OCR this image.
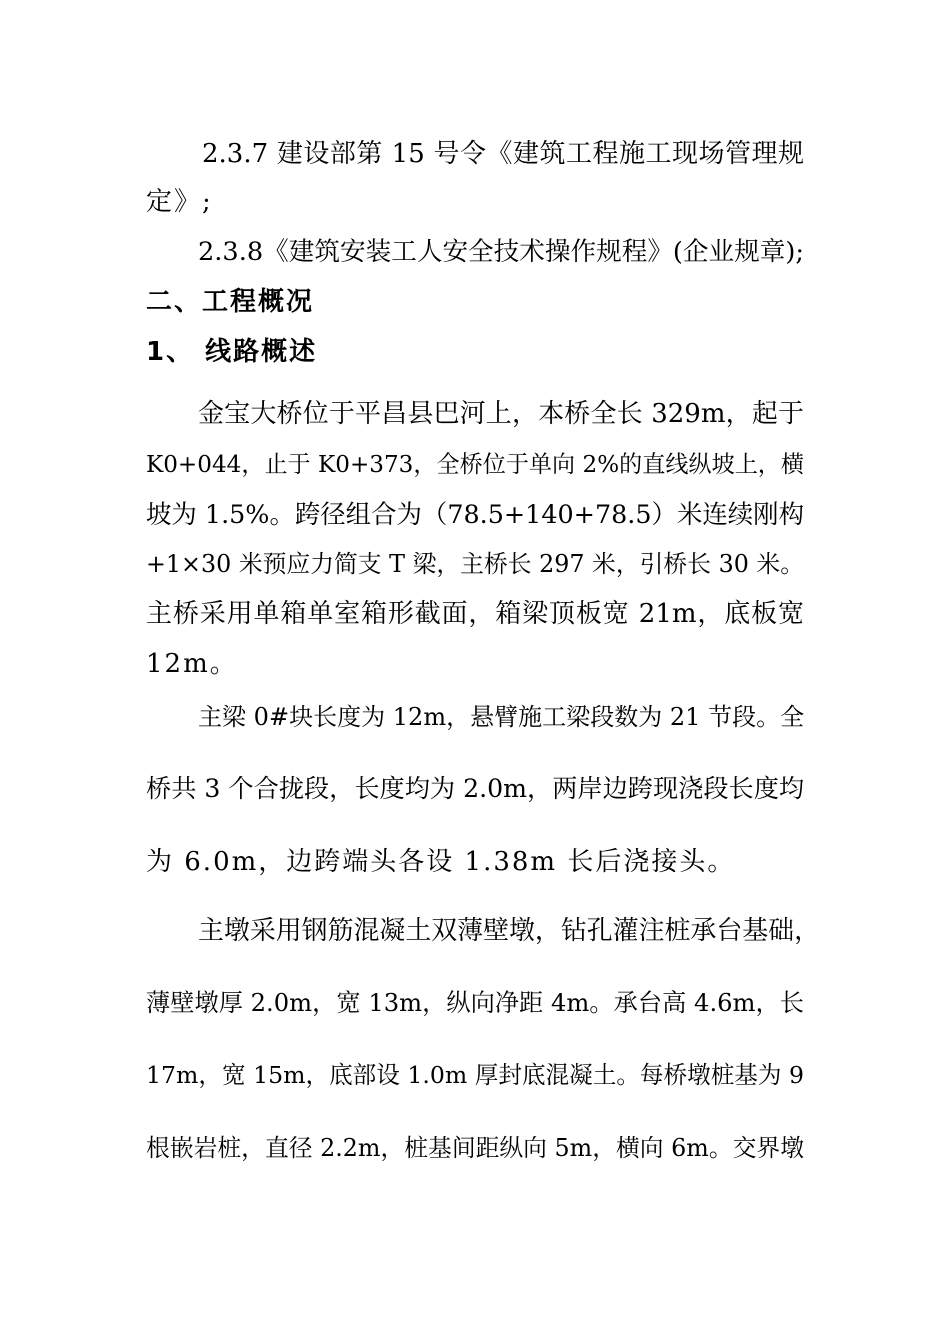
2.3.7 建设部第 15 号令《建筑工程施工现场管理规
定》;
2.3.8《建筑安装工人安全技术操作规程》(企业规章);
二、工程概况
1、 线路概述
金宝大桥位于平昌县巴河上，本桥全长 329m，起于
K0+044，止于 K0+373，全桥位于单向 2%的直线纵坡上，横
坡为 1.5%。跨径组合为（78.5+140+78.5）米连续刚构
+1×30 米预应力简支 T 梁，主桥长 297 米，引桥长 30 米。
主桥采用单箱单室箱形截面，箱梁顶板宽 21m，底板宽
12m。
主梁 0#块长度为 12m，悬臂施工梁段数为 21 节段。全
桥共 3 个合拢段，长度均为 2.0m，两岸边跨现浇段长度均
为 6.0m，边跨端头各设 1.38m 长后浇接头。
主墩采用钢筋混凝土双薄壁墩，钻孔灌注桩承台基础，
薄壁墩厚 2.0m，宽 13m，纵向净距 4m。承台高 4.6m，长
17m，宽 15m，底部设 1.0m 厚封底混凝土。每桥墩桩基为 9
根嵌岩桩，直径 2.2m，桩基间距纵向 5m，横向 6m。交界墩
